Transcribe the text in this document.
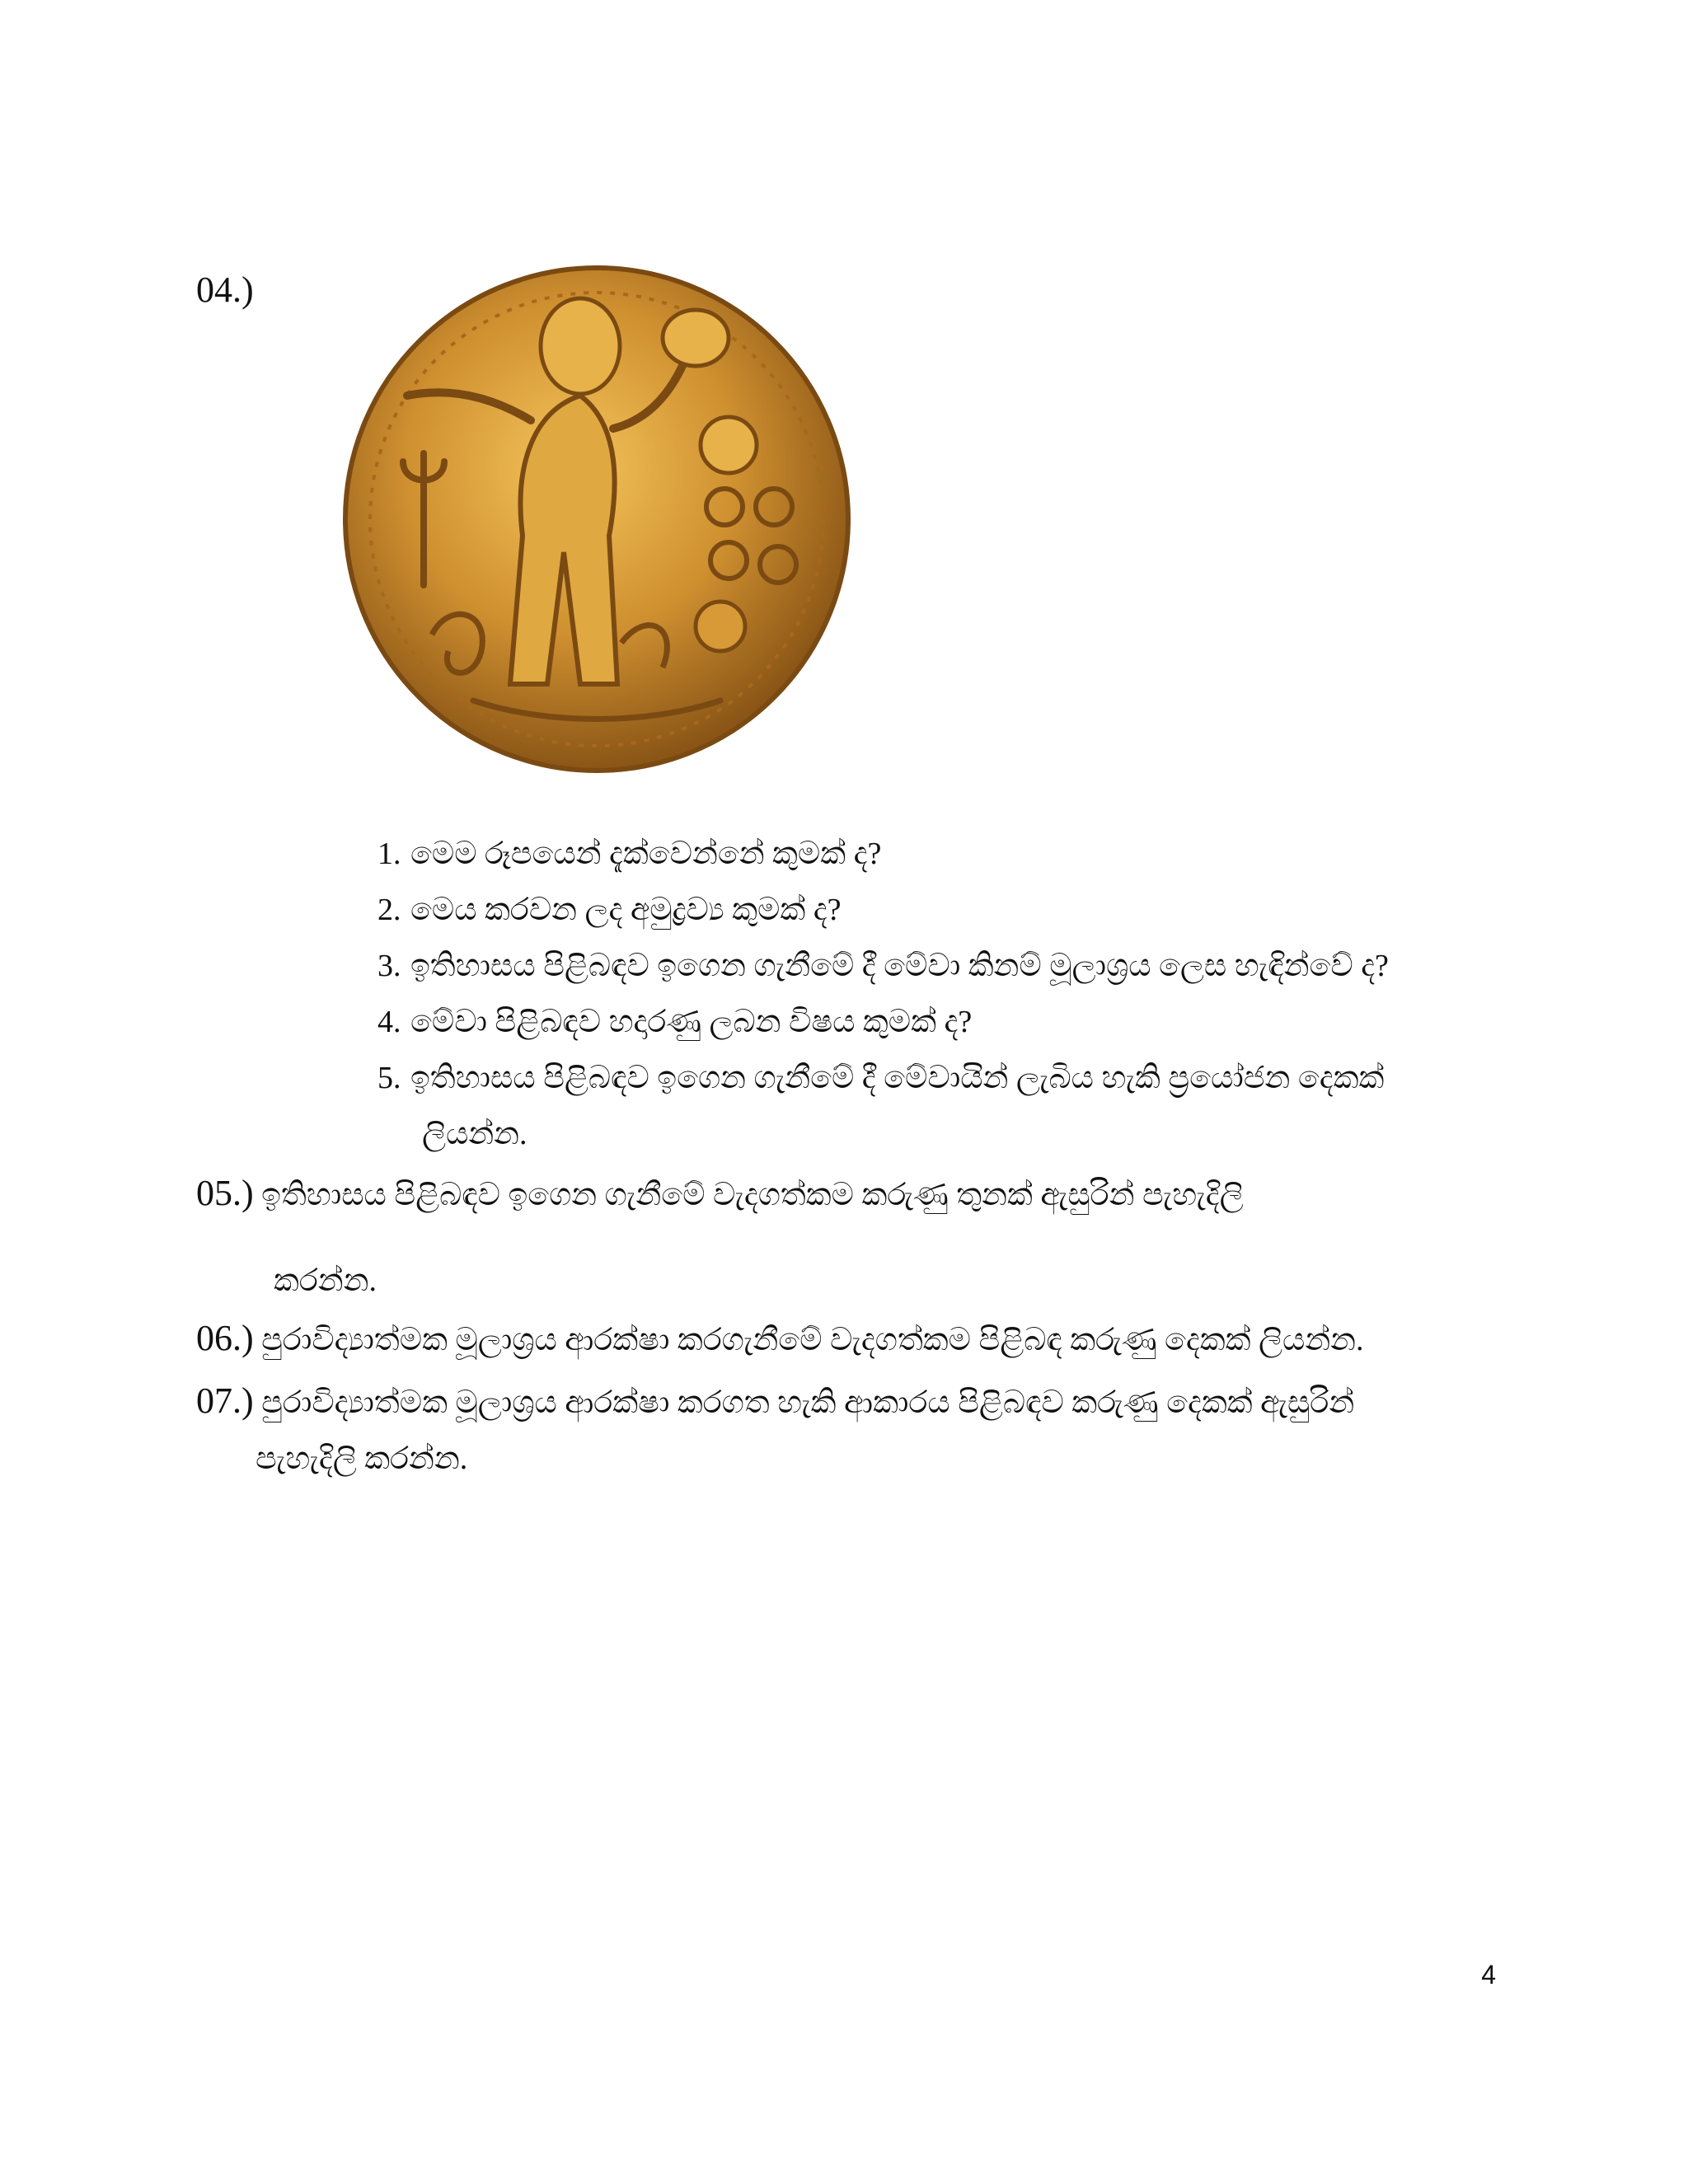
04.)
1. මෙම රූපයෙන් දැක්වෙන්නේ කුමක් ද?
2. මෙය කරවන ලද අමුද්‍රව්‍ය කුමක් ද?
3. ඉතිහාසය පිළිබඳව ඉගෙන ගැනීමේ දී මේවා කිනම් මූලාශ්‍රය ලෙස හැඳින්වේ ද?
4. මේවා පිළිබඳව හදාරණු ලබන විෂය කුමක් ද?
5. ඉතිහාසය පිළිබඳව ඉගෙන ගැනීමේ දී මේවායින් ලැබිය හැකි ප්‍රයෝජන දෙකක්
ලියන්න.
05.) ඉතිහාසය පිළිබඳව ඉගෙන ගැනීමේ වැදගත්කම කරුණු තුනක් ඇසුරින් පැහැදිලි
කරන්න.
06.) පුරාවිද්‍යාත්මක මූලාශ්‍රය ආරක්ෂා කරගැනීමේ වැදගත්කම පිළිබඳ කරුණු දෙකක් ලියන්න.
07.) පුරාවිද්‍යාත්මක මූලාශ්‍රය ආරක්ෂා කරගත හැකි ආකාරය පිළිබඳව කරුණු දෙකක් ඇසුරින්
පැහැදිලි කරන්න.
4
